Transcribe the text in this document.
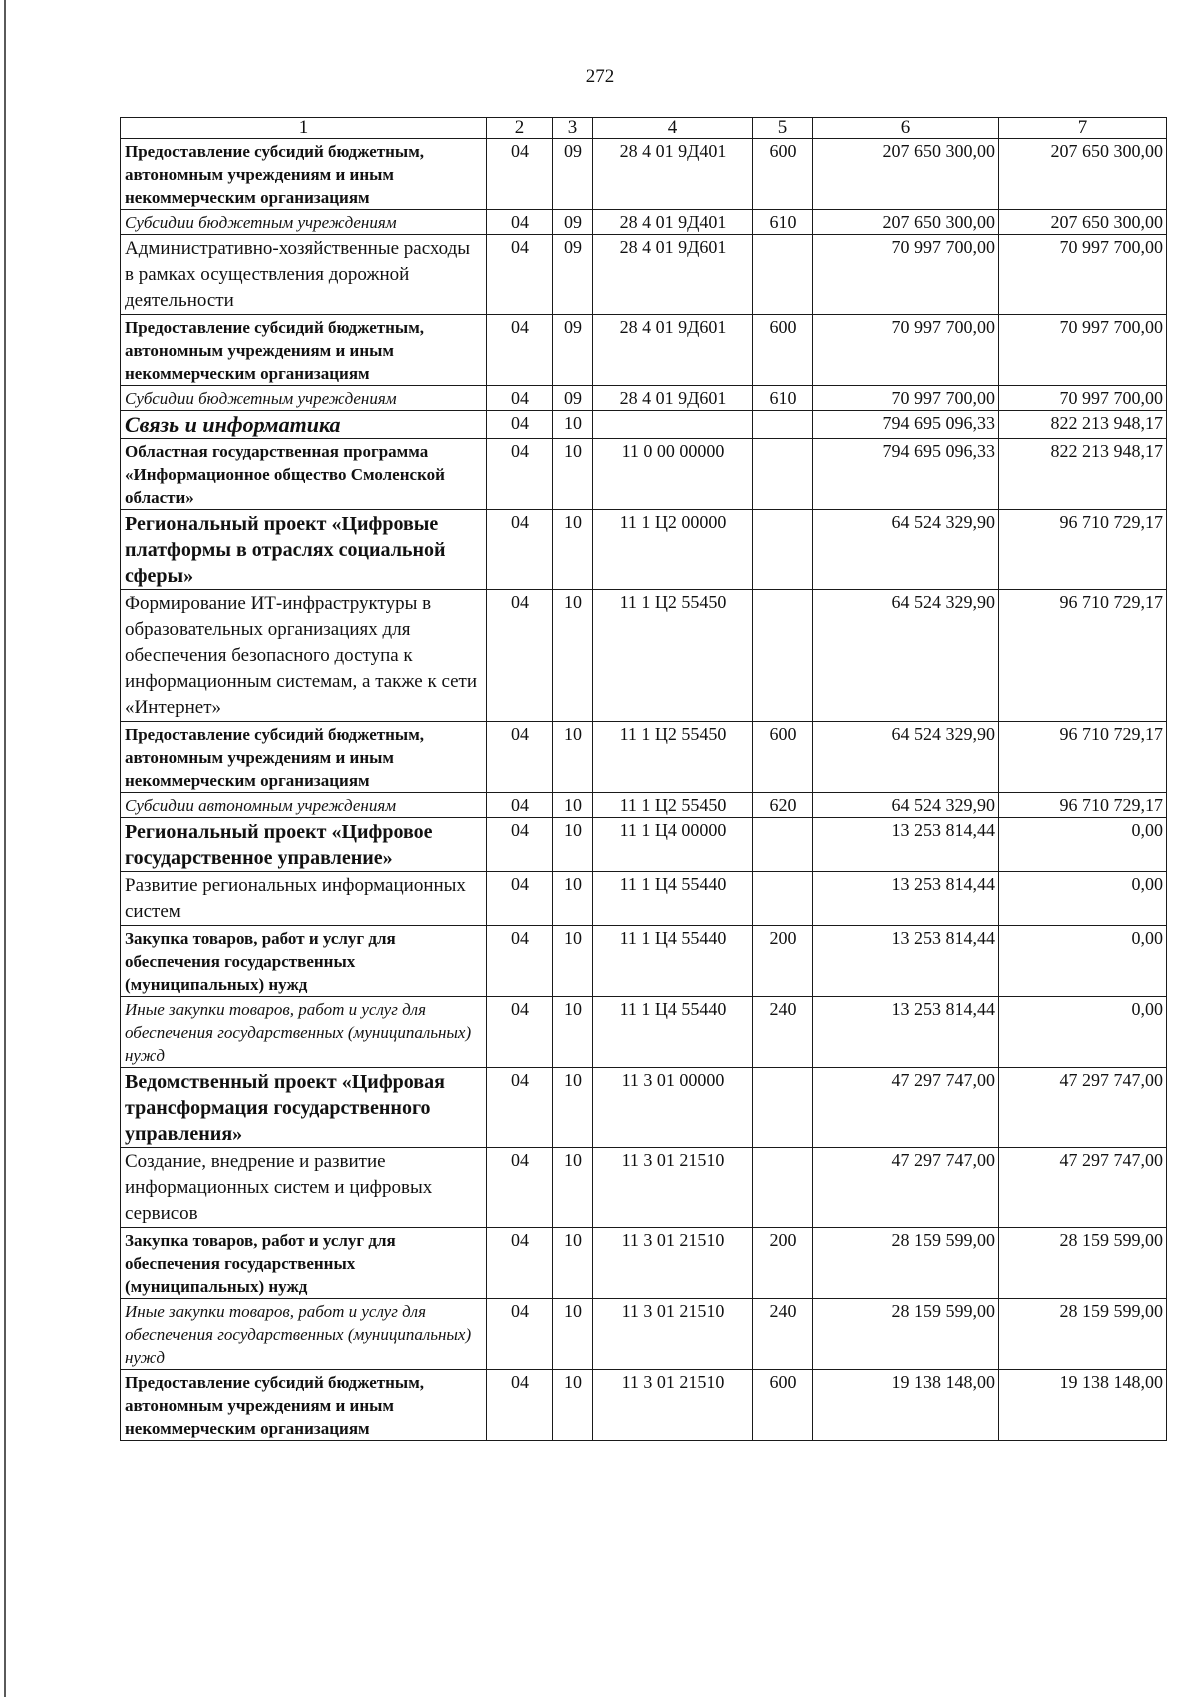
272
1	2	3	4	5	6	7

Предоставление субсидий бюджетным, автономным учреждениям и иным некоммерческим организациям	04	09	28 4 01 9Д401	600	207 650 300,00	207 650 300,00

Субсидии бюджетным учреждениям	04	09	28 4 01 9Д401	610	207 650 300,00	207 650 300,00

Административно-хозяйственные расходы в рамках осуществления дорожной деятельности	04	09	28 4 01 9Д601		70 997 700,00	70 997 700,00

Предоставление субсидий бюджетным, автономным учреждениям и иным некоммерческим организациям	04	09	28 4 01 9Д601	600	70 997 700,00	70 997 700,00

Субсидии бюджетным учреждениям	04	09	28 4 01 9Д601	610	70 997 700,00	70 997 700,00

Связь и информатика	04	10			794 695 096,33	822 213 948,17

Областная государственная программа «Информационное общество Смоленской области»	04	10	11 0 00 00000		794 695 096,33	822 213 948,17

Региональный проект «Цифровые платформы в отраслях социальной сферы»	04	10	11 1 Ц2 00000		64 524 329,90	96 710 729,17

Формирование ИТ-инфраструктуры в образовательных организациях для обеспечения безопасного доступа к информационным системам, а также к сети «Интернет»	04	10	11 1 Ц2 55450		64 524 329,90	96 710 729,17

Предоставление субсидий бюджетным, автономным учреждениям и иным некоммерческим организациям	04	10	11 1 Ц2 55450	600	64 524 329,90	96 710 729,17

Субсидии автономным учреждениям	04	10	11 1 Ц2 55450	620	64 524 329,90	96 710 729,17

Региональный проект «Цифровое государственное управление»	04	10	11 1 Ц4 00000		13 253 814,44	0,00

Развитие региональных информационных систем	04	10	11 1 Ц4 55440		13 253 814,44	0,00

Закупка товаров, работ и услуг для обеспечения государственных (муниципальных) нужд	04	10	11 1 Ц4 55440	200	13 253 814,44	0,00

Иные закупки товаров, работ и услуг для обеспечения государственных (муниципальных) нужд	04	10	11 1 Ц4 55440	240	13 253 814,44	0,00

Ведомственный проект «Цифровая трансформация государственного управления»	04	10	11 3 01 00000		47 297 747,00	47 297 747,00

Создание, внедрение и развитие информационных систем и цифровых сервисов	04	10	11 3 01 21510		47 297 747,00	47 297 747,00

Закупка товаров, работ и услуг для обеспечения государственных (муниципальных) нужд	04	10	11 3 01 21510	200	28 159 599,00	28 159 599,00

Иные закупки товаров, работ и услуг для обеспечения государственных (муниципальных) нужд	04	10	11 3 01 21510	240	28 159 599,00	28 159 599,00

Предоставление субсидий бюджетным, автономным учреждениям и иным некоммерческим организациям	04	10	11 3 01 21510	600	19 138 148,00	19 138 148,00
